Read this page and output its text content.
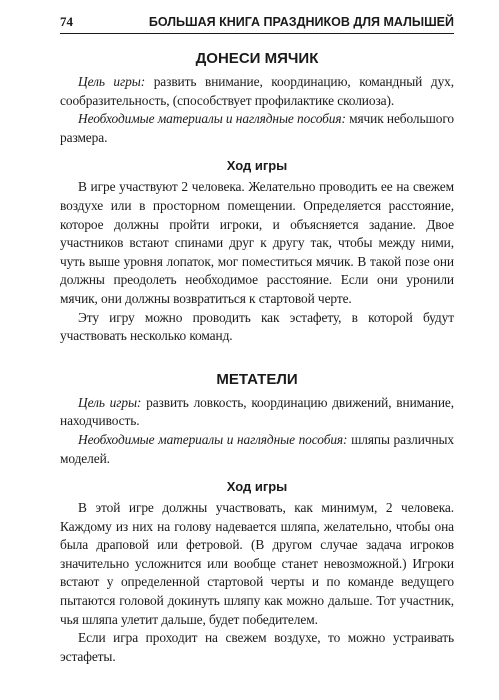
74	БОЛЬШАЯ КНИГА ПРАЗДНИКОВ ДЛЯ МАЛЫШЕЙ
ДОНЕСИ МЯЧИК

Цель игры: развить внимание, координацию, командный дух, сообразительность, (способствует профилактике сколиоза).

Необходимые материалы и наглядные пособия: мячик небольшого размера.

Ход игры

В игре участвуют 2 человека. Желательно проводить ее на свежем воздухе или в просторном помещении. Определяется расстояние, которое должны пройти игроки, и объясняется задание. Двое участников встают спинами друг к другу так, чтобы между ними, чуть выше уровня лопаток, мог поместиться мячик. В такой позе они должны преодолеть необходимое расстояние. Если они уронили мячик, они должны возвратиться к стартовой черте.

Эту игру можно проводить как эстафету, в которой будут участвовать несколько команд.

МЕТАТЕЛИ

Цель игры: развить ловкость, координацию движений, внимание, находчивость.

Необходимые материалы и наглядные пособия: шляпы различных моделей.

Ход игры

В этой игре должны участвовать, как минимум, 2 человека. Каждому из них на голову надевается шляпа, желательно, чтобы она была драповой или фетровой. (В другом случае задача игроков значительно усложнится или вообще станет невозможной.) Игроки встают у определенной стартовой черты и по команде ведущего пытаются головой докинуть шляпу как можно дальше. Тот участник, чья шляпа улетит дальше, будет победителем.

Если игра проходит на свежем воздухе, то можно устраивать эстафеты.
